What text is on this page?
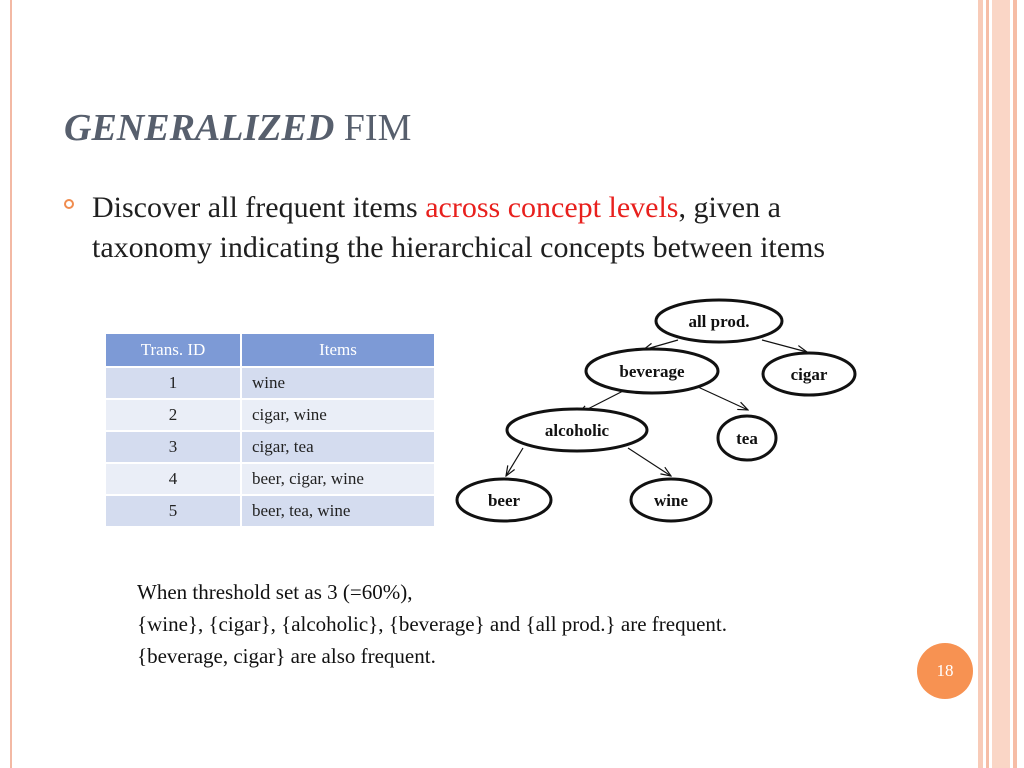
GENERALIZED FIM
Discover all frequent items across concept levels, given a taxonomy indicating the hierarchical concepts between items
Trans. ID	Items
1	wine
2	cigar, wine
3	cigar, tea
4	beer, cigar, wine
5	beer, tea, wine
all prod.
beverage	cigar
alcoholic	tea
beer	wine
When threshold set as 3 (=60%),
{wine}, {cigar}, {alcoholic}, {beverage} and {all prod.} are frequent.
{beverage, cigar} are also frequent.
18
